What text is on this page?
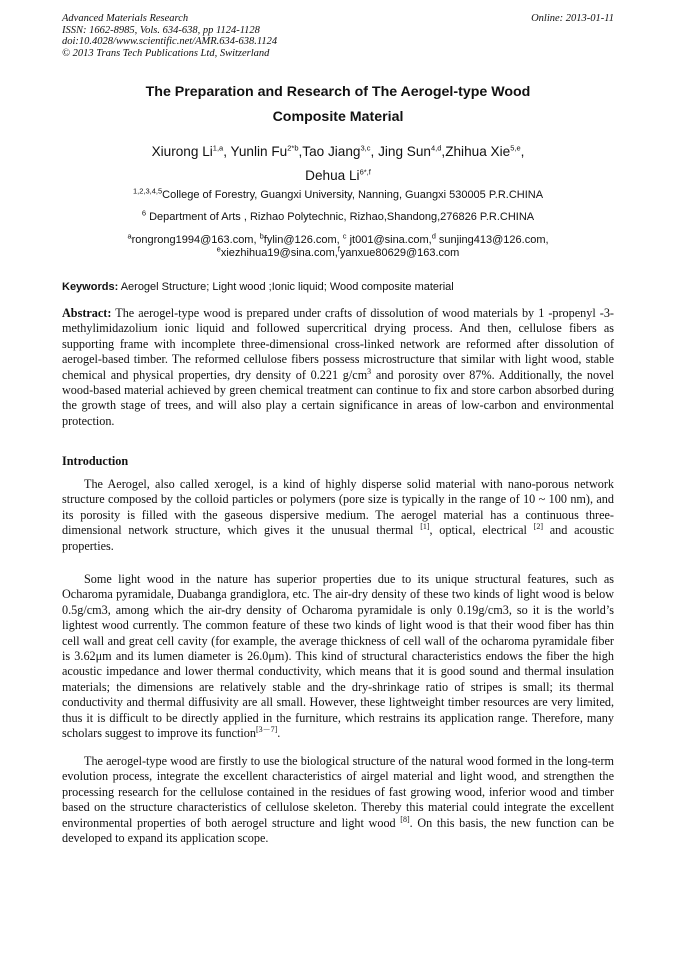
Advanced Materials Research
ISSN: 1662-8985, Vols. 634-638, pp 1124-1128
doi:10.4028/www.scientific.net/AMR.634-638.1124
© 2013 Trans Tech Publications Ltd, Switzerland
Online: 2013-01-11
The Preparation and Research of The Aerogel-type Wood
Composite Material
Xiurong Li$^{1,a}$, Yunlin $Fu^{2*b},Tao$ Jiang$^{3,c}$, Jing Sun$^{4,d}$,Zhihua Xie$^{5,e}$,
Dehua $Li^{6*,f}$
$^{1,2,3,4,5}$College of Forestry, Guangxi University, Nanning, Guangxi 530005 P.R.CHINA
$^6$ Department of Arts , Rizhao Polytechnic, Rizhao,Shandong,276826 P.R.CHINA
$^a$rongrong1994@163.com, $^b$fylin@126.com, $^c$ jt001@sina.com,$^d$ sunjing413@126.com,
$^e$xiezhihua19@sina.com,$^f$yanxue80629@163.com
Keywords: Aerogel Structure; Light wood ;Ionic liquid; Wood composite material
Abstract: The aerogel-type wood is prepared under crafts of dissolution of wood materials by 1 -propenyl -3- methylimidazolium ionic liquid and followed supercritical drying process. And then, cellulose fibers as supporting frame with incomplete three-dimensional cross-linked network are reformed after dissolution of aerogel-based timber. The reformed cellulose fibers possess microstructure that similar with light wood, stable chemical and physical properties, dry density of 0.221 $g/cm^3$ and porosity over 87%. Additionally, the novel wood-based material achieved by green chemical treatment can continue to fix and store carbon absorbed during the growth stage of trees, and will also play a certain significance in areas of low-carbon and environmental protection.
Introduction
The Aerogel, also called xerogel, is a kind of highly disperse solid material with nano-porous network structure composed by the colloid particles or polymers (pore size is typically in the range of 10 ~ 100 nm), and its porosity is filled with the gaseous dispersive medium. The aerogel material has a continuous three-dimensional network structure, which gives it the unusual thermal [1], optical, electrical [2] and acoustic properties.
Some light wood in the nature has superior properties due to its unique structural features, such as Ocharoma pyramidale, Duabanga grandiglora, etc. The air-dry density of these two kinds of light wood is below 0.5g/cm3, among which the air-dry density of Ocharoma pyramidale is only 0.19g/cm3, so it is the world’s lightest wood currently. The common feature of these two kinds of light wood is that their wood fiber has thin cell wall and great cell cavity (for example, the average thickness of cell wall of the ocharoma pyramidale fiber is 3.62μm and its lumen diameter is 26.0μm). This kind of structural characteristics endows the fiber the high acoustic impedance and lower thermal conductivity, which means that it is good sound and thermal insulation materials; the dimensions are relatively stable and the dry-shrinkage ratio of stripes is small; its thermal conductivity and thermal diffusivity are all small. However, these lightweight timber resources are very limited, thus it is difficult to be directly applied in the furniture, which restrains its application range. Therefore, many scholars suggest to improve its function[3－7].
The aerogel-type wood are firstly to use the biological structure of the natural wood formed in the long-term evolution process, integrate the excellent characteristics of airgel material and light wood, and strengthen the processing research for the cellulose contained in the residues of fast growing wood, inferior wood and timber based on the structure characteristics of cellulose skeleton. Thereby this material could integrate the excellent environmental properties of both aerogel structure and light wood [8]. On this basis, the new function can be developed to expand its application scope.
